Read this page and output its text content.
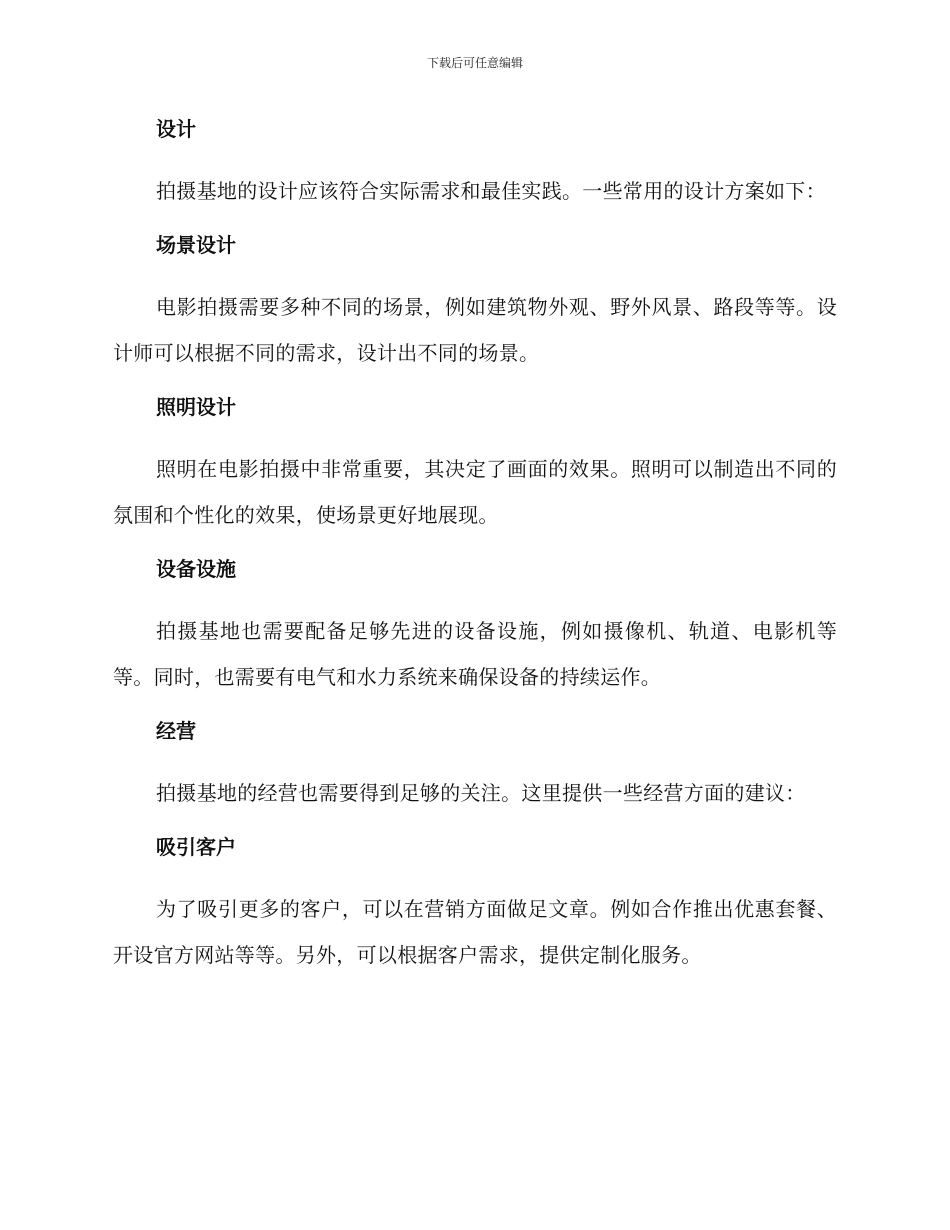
下载后可任意编辑
设计
拍摄基地的设计应该符合实际需求和最佳实践。一些常用的设计方案如下：
场景设计
电影拍摄需要多种不同的场景，例如建筑物外观、野外风景、路段等等。设计师可以根据不同的需求，设计出不同的场景。
照明设计
照明在电影拍摄中非常重要，其决定了画面的效果。照明可以制造出不同的氛围和个性化的效果，使场景更好地展现。
设备设施
拍摄基地也需要配备足够先进的设备设施，例如摄像机、轨道、电影机等等。同时，也需要有电气和水力系统来确保设备的持续运作。
经营
拍摄基地的经营也需要得到足够的关注。这里提供一些经营方面的建议：
吸引客户
为了吸引更多的客户，可以在营销方面做足文章。例如合作推出优惠套餐、开设官方网站等等。另外，可以根据客户需求，提供定制化服务。
